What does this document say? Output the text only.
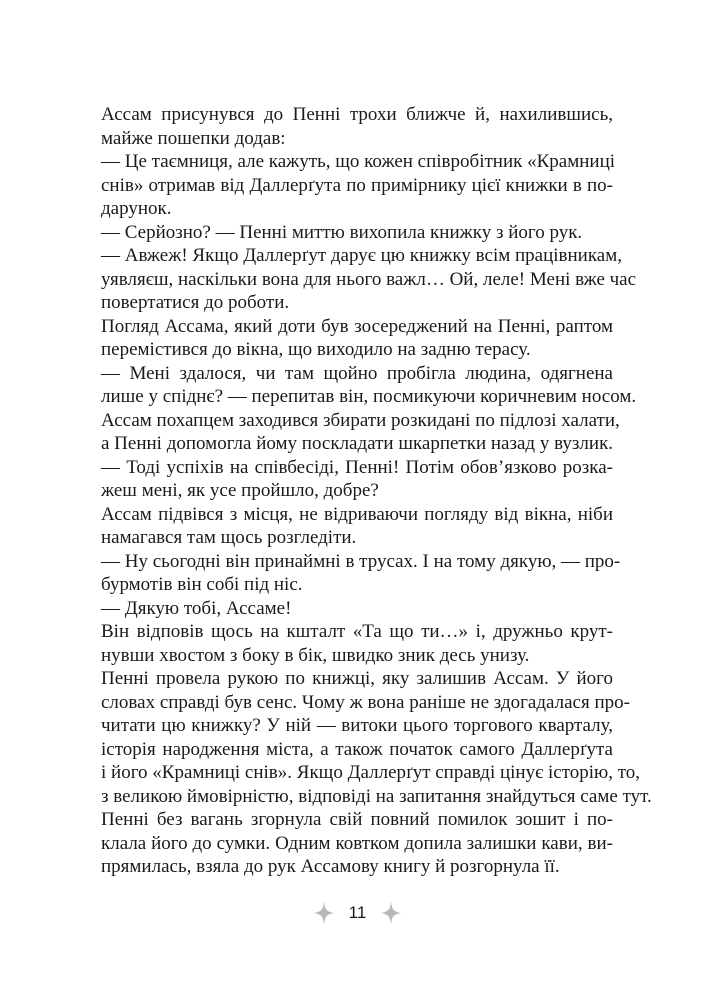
Ассам присунувся до Пенні трохи ближче й, нахилившись,
майже пошепки додав:
— Це таємниця, але кажуть, що кожен співробітник «Крамниці
снів» отримав від Даллерґута по примірнику цієї книжки в по-
дарунок.
— Серйозно? — Пенні миттю вихопила книжку з його рук.
— Авжеж! Якщо Даллерґут дарує цю книжку всім працівникам,
уявляєш, наскільки вона для нього важл… Ой, леле! Мені вже час
повертатися до роботи.
Погляд Ассама, який доти був зосереджений на Пенні, раптом
перемістився до вікна, що виходило на задню терасу.
— Мені здалося, чи там щойно пробігла людина, одягнена
лише у спіднє? — перепитав він, посмикуючи коричневим носом.
Ассам похапцем заходився збирати розкидані по підлозі халати,
а Пенні допомогла йому поскладати шкарпетки назад у вузлик.
— Тоді успіхів на співбесіді, Пенні! Потім обов’язково розка-
жеш мені, як усе пройшло, добре?
Ассам підвівся з місця, не відриваючи погляду від вікна, ніби
намагався там щось розгледіти.
— Ну сьогодні він принаймні в трусах. І на тому дякую, — про-
бурмотів він собі під ніс.
— Дякую тобі, Ассаме!
Він відповів щось на кшталт «Та що ти…» і, дружньо крут-
нувши хвостом з боку в бік, швидко зник десь унизу.
Пенні провела рукою по книжці, яку залишив Ассам. У його
словах справді був сенс. Чому ж вона раніше не здогадалася про-
читати цю книжку? У ній — витоки цього торгового кварталу,
історія народження міста, а також початок самого Даллерґута
і його «Крамниці снів». Якщо Даллерґут справді цінує історію, то,
з великою ймовірністю, відповіді на запитання знайдуться саме тут.
Пенні без вагань згорнула свій повний помилок зошит і по-
клала його до сумки. Одним ковтком допила залишки кави, ви-
прямилась, взяла до рук Ассамову книгу й розгорнула її.
11
